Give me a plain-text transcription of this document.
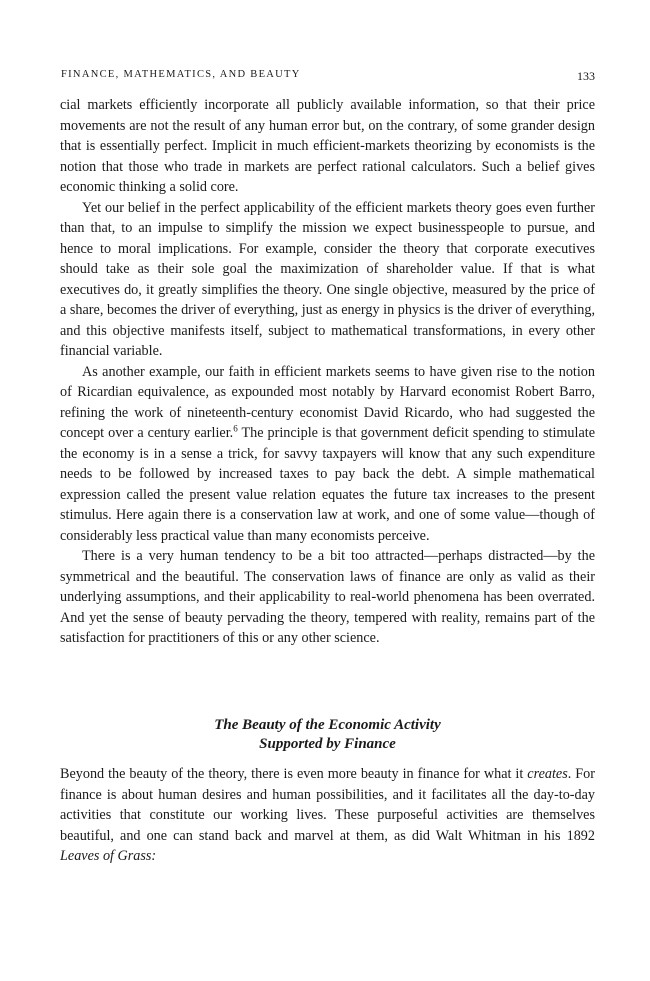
FINANCE, MATHEMATICS, AND BEAUTY	133

cial markets efficiently incorporate all publicly available information, so that their price movements are not the result of any human error but, on the contrary, of some grander design that is essentially perfect. Implicit in much efficient-markets theorizing by economists is the notion that those who trade in markets are perfect rational calculators. Such a belief gives economic thinking a solid core.

Yet our belief in the perfect applicability of the efficient markets theory goes even further than that, to an impulse to simplify the mission we expect businesspeople to pursue, and hence to moral implications. For example, consider the theory that corporate executives should take as their sole goal the maximization of shareholder value. If that is what executives do, it greatly simplifies the theory. One single objective, measured by the price of a share, becomes the driver of everything, just as energy in physics is the driver of everything, and this objective manifests itself, subject to mathematical transformations, in every other financial variable.

As another example, our faith in efficient markets seems to have given rise to the notion of Ricardian equivalence, as expounded most notably by Harvard economist Robert Barro, refining the work of nineteenth-century economist David Ricardo, who had suggested the concept over a century earlier.$^6$ The principle is that government deficit spending to stimulate the economy is in a sense a trick, for savvy taxpayers will know that any such expenditure needs to be followed by increased taxes to pay back the debt. A simple mathematical expression called the present value relation equates the future tax increases to the present stimulus. Here again there is a conservation law at work, and one of some value—though of considerably less practical value than many economists perceive.

There is a very human tendency to be a bit too attracted—perhaps distracted—by the symmetrical and the beautiful. The conservation laws of finance are only as valid as their underlying assumptions, and their applicability to real-world phenomena has been overrated. And yet the sense of beauty pervading the theory, tempered with reality, remains part of the satisfaction for practitioners of this or any other science.

The Beauty of the Economic Activity
Supported by Finance

Beyond the beauty of the theory, there is even more beauty in finance for what it creates. For finance is about human desires and human possibilities, and it facilitates all the day-to-day activities that constitute our working lives. These purposeful activities are themselves beautiful, and one can stand back and marvel at them, as did Walt Whitman in his 1892 Leaves of Grass:
